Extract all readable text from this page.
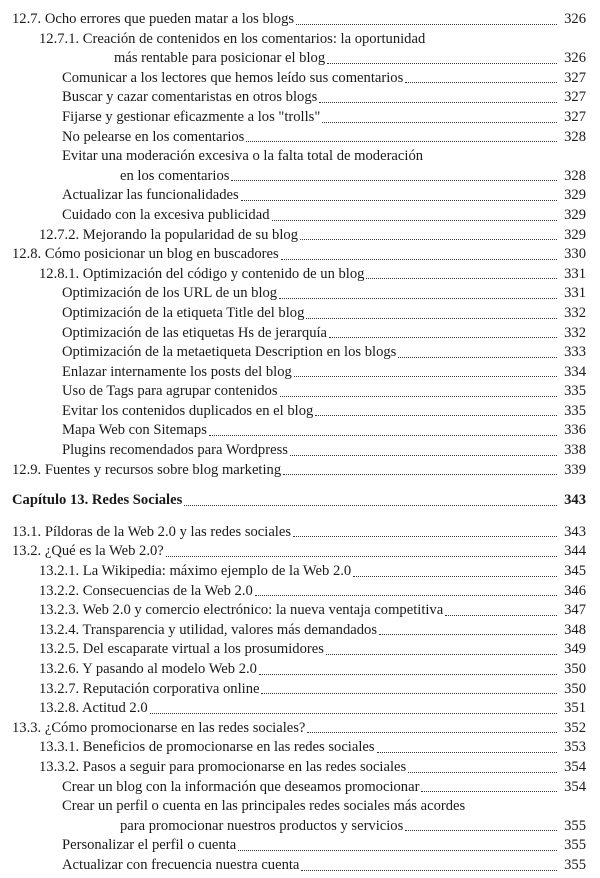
12.7. Ocho errores que pueden matar a los blogs	326
12.7.1. Creación de contenidos en los comentarios: la oportunidad
más rentable para posicionar el blog	326
Comunicar a los lectores que hemos leído sus comentarios	327
Buscar y cazar comentaristas en otros blogs	327
Fijarse y gestionar eficazmente a los "trolls"	327
No pelearse en los comentarios	328
Evitar una moderación excesiva o la falta total de moderación
en los comentarios	328
Actualizar las funcionalidades	329
Cuidado con la excesiva publicidad	329
12.7.2. Mejorando la popularidad de su blog	329
12.8. Cómo posicionar un blog en buscadores	330
12.8.1. Optimización del código y contenido de un blog	331
Optimización de los URL de un blog	331
Optimización de la etiqueta Title del blog	332
Optimización de las etiquetas Hs de jerarquía	332
Optimización de la metaetiqueta Description en los blogs	333
Enlazar internamente los posts del blog	334
Uso de Tags para agrupar contenidos	335
Evitar los contenidos duplicados en el blog	335
Mapa Web con Sitemaps	336
Plugins recomendados para Wordpress	338
12.9. Fuentes y recursos sobre blog marketing	339
Capítulo 13. Redes Sociales	343
13.1. Píldoras de la Web 2.0 y las redes sociales	343
13.2. ¿Qué es la Web 2.0?	344
13.2.1. La Wikipedia: máximo ejemplo de la Web 2.0	345
13.2.2. Consecuencias de la Web 2.0	346
13.2.3. Web 2.0 y comercio electrónico: la nueva ventaja competitiva	347
13.2.4. Transparencia y utilidad, valores más demandados	348
13.2.5. Del escaparate virtual a los prosumidores	349
13.2.6. Y pasando al modelo Web 2.0	350
13.2.7. Reputación corporativa online	350
13.2.8. Actitud 2.0	351
13.3. ¿Cómo promocionarse en las redes sociales?	352
13.3.1. Beneficios de promocionarse en las redes sociales	353
13.3.2. Pasos a seguir para promocionarse en las redes sociales	354
Crear un blog con la información que deseamos promocionar	354
Crear un perfil o cuenta en las principales redes sociales más acordes
para promocionar nuestros productos y servicios	355
Personalizar el perfil o cuenta	355
Actualizar con frecuencia nuestra cuenta	355
